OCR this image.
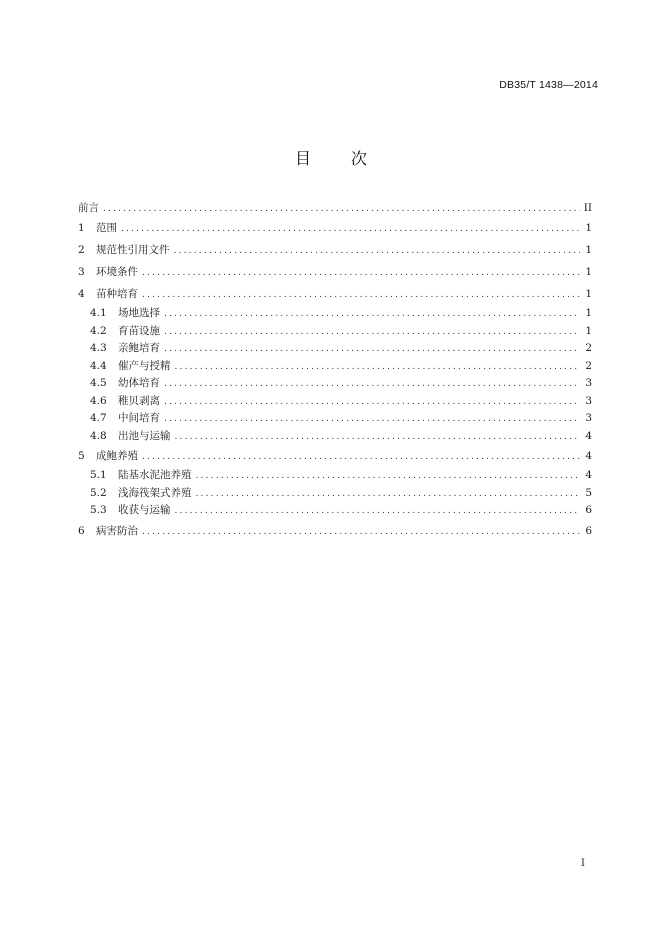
DB35/T 1438—2014
目	次
前言 .....	II
1	范围 .....	1
2	规范性引用文件 .....	1
3	环境条件 .....	1
4	苗种培育 .....	1
4.1	场地选择 .....	1
4.2	育苗设施 .....	1
4.3	亲鲍培育 .....	2
4.4	催产与授精 .....	2
4.5	幼体培育 .....	3
4.6	稚贝剥离 .....	3
4.7	中间培育 .....	3
4.8	出池与运输 .....	4
5	成鲍养殖 .....	4
5.1	陆基水泥池养殖 .....	4
5.2	浅海筏架式养殖 .....	5
5.3	收获与运输 .....	6
6	病害防治 .....	6
I
